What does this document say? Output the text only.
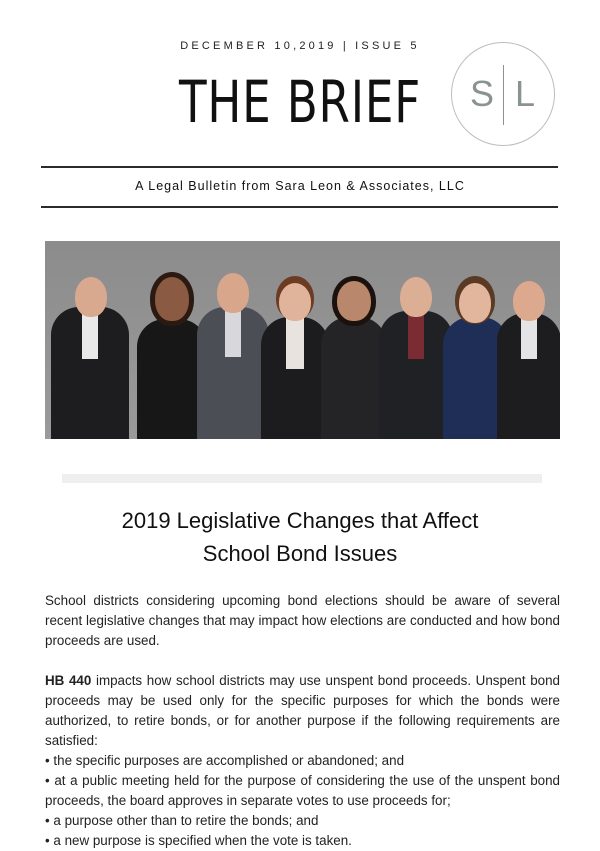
DECEMBER 10,2019 | ISSUE 5
THE BRIEF	S L
A Legal Bulletin from Sara Leon & Associates, LLC
2019 Legislative Changes that Affect
School Bond Issues

School districts considering upcoming bond elections should be aware of several recent legislative changes that may impact how elections are conducted and how bond proceeds are used.

HB 440 impacts how school districts may use unspent bond proceeds. Unspent bond proceeds may be used only for the specific purposes for which the bonds were authorized, to retire bonds, or for another purpose if the following requirements are satisfied:

• the specific purposes are accomplished or abandoned; and

• at a public meeting held for the purpose of considering the use of the unspent bond proceeds, the board approves in separate votes to use proceeds for;

• a purpose other than to retire the bonds; and

• a new purpose is specified when the vote is taken.
